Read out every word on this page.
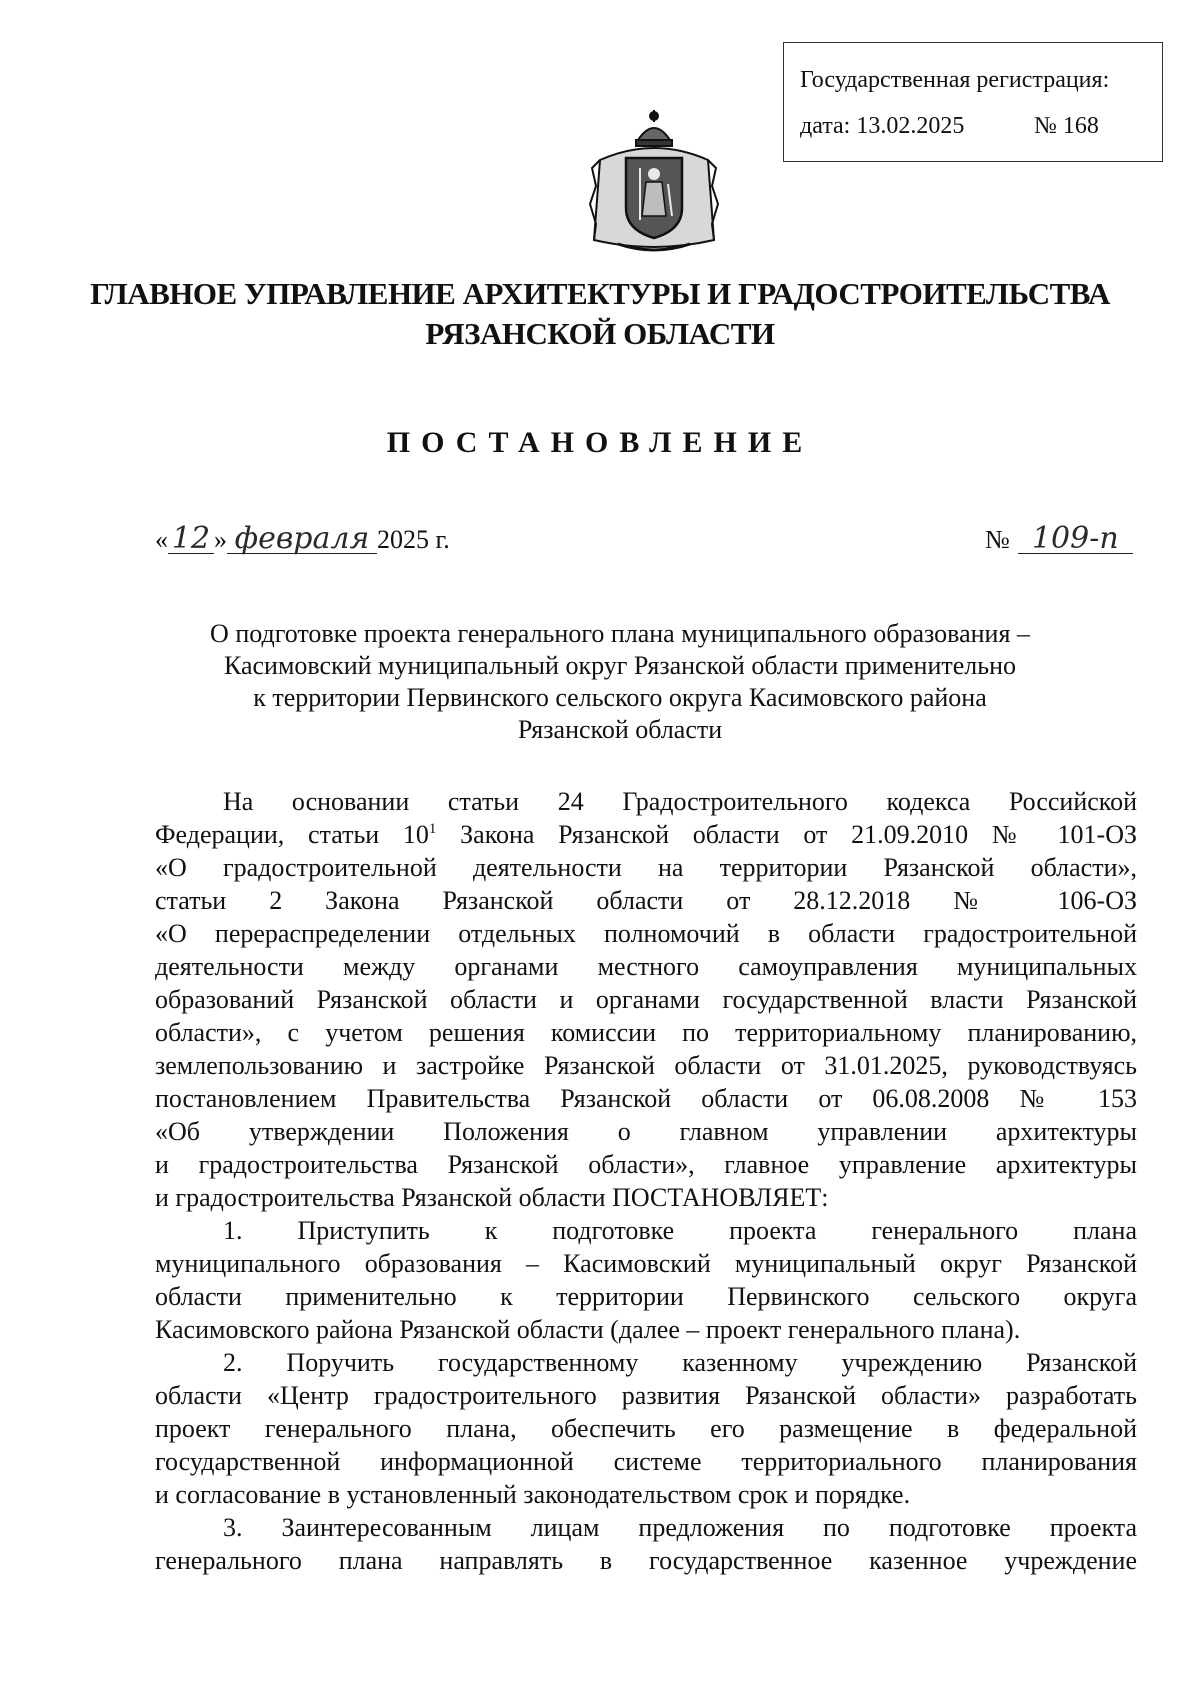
Государственная регистрация:
дата: 13.02.2025	№ 168
ГЛАВНОЕ УПРАВЛЕНИЕ АРХИТЕКТУРЫ И ГРАДОСТРОИТЕЛЬСТВА
РЯЗАНСКОЙ ОБЛАСТИ
ПОСТАНОВЛЕНИЕ
« 12 » февраля 2025 г.	№ 109-п
О подготовке проекта генерального плана муниципального образования –
Касимовский муниципальный округ Рязанской области применительно
к территории Первинского сельского округа Касимовского района
Рязанской области
На основании статьи 24 Градостроительного кодекса Российской
Федерации, статьи $10^1$ Закона Рязанской области от 21.09.2010 № 101-ОЗ
«О градостроительной деятельности на территории Рязанской области»,
статьи 2 Закона Рязанской области от 28.12.2018 № 106-ОЗ
«О перераспределении отдельных полномочий в области градостроительной
деятельности между органами местного самоуправления муниципальных
образований Рязанской области и органами государственной власти Рязанской
области», с учетом решения комиссии по территориальному планированию,
землепользованию и застройке Рязанской области от 31.01.2025, руководствуясь
постановлением Правительства Рязанской области от 06.08.2008 № 153
«Об утверждении Положения о главном управлении архитектуры
и градостроительства Рязанской области», главное управление архитектуры
и градостроительства Рязанской области ПОСТАНОВЛЯЕТ:
1. Приступить к подготовке проекта генерального плана
муниципального образования – Касимовский муниципальный округ Рязанской
области применительно к территории Первинского сельского округа
Касимовского района Рязанской области (далее – проект генерального плана).
2. Поручить государственному казенному учреждению Рязанской
области «Центр градостроительного развития Рязанской области» разработать
проект генерального плана, обеспечить его размещение в федеральной
государственной информационной системе территориального планирования
и согласование в установленный законодательством срок и порядке.
3. Заинтересованным лицам предложения по подготовке проекта
генерального плана направлять в государственное казенное учреждение
